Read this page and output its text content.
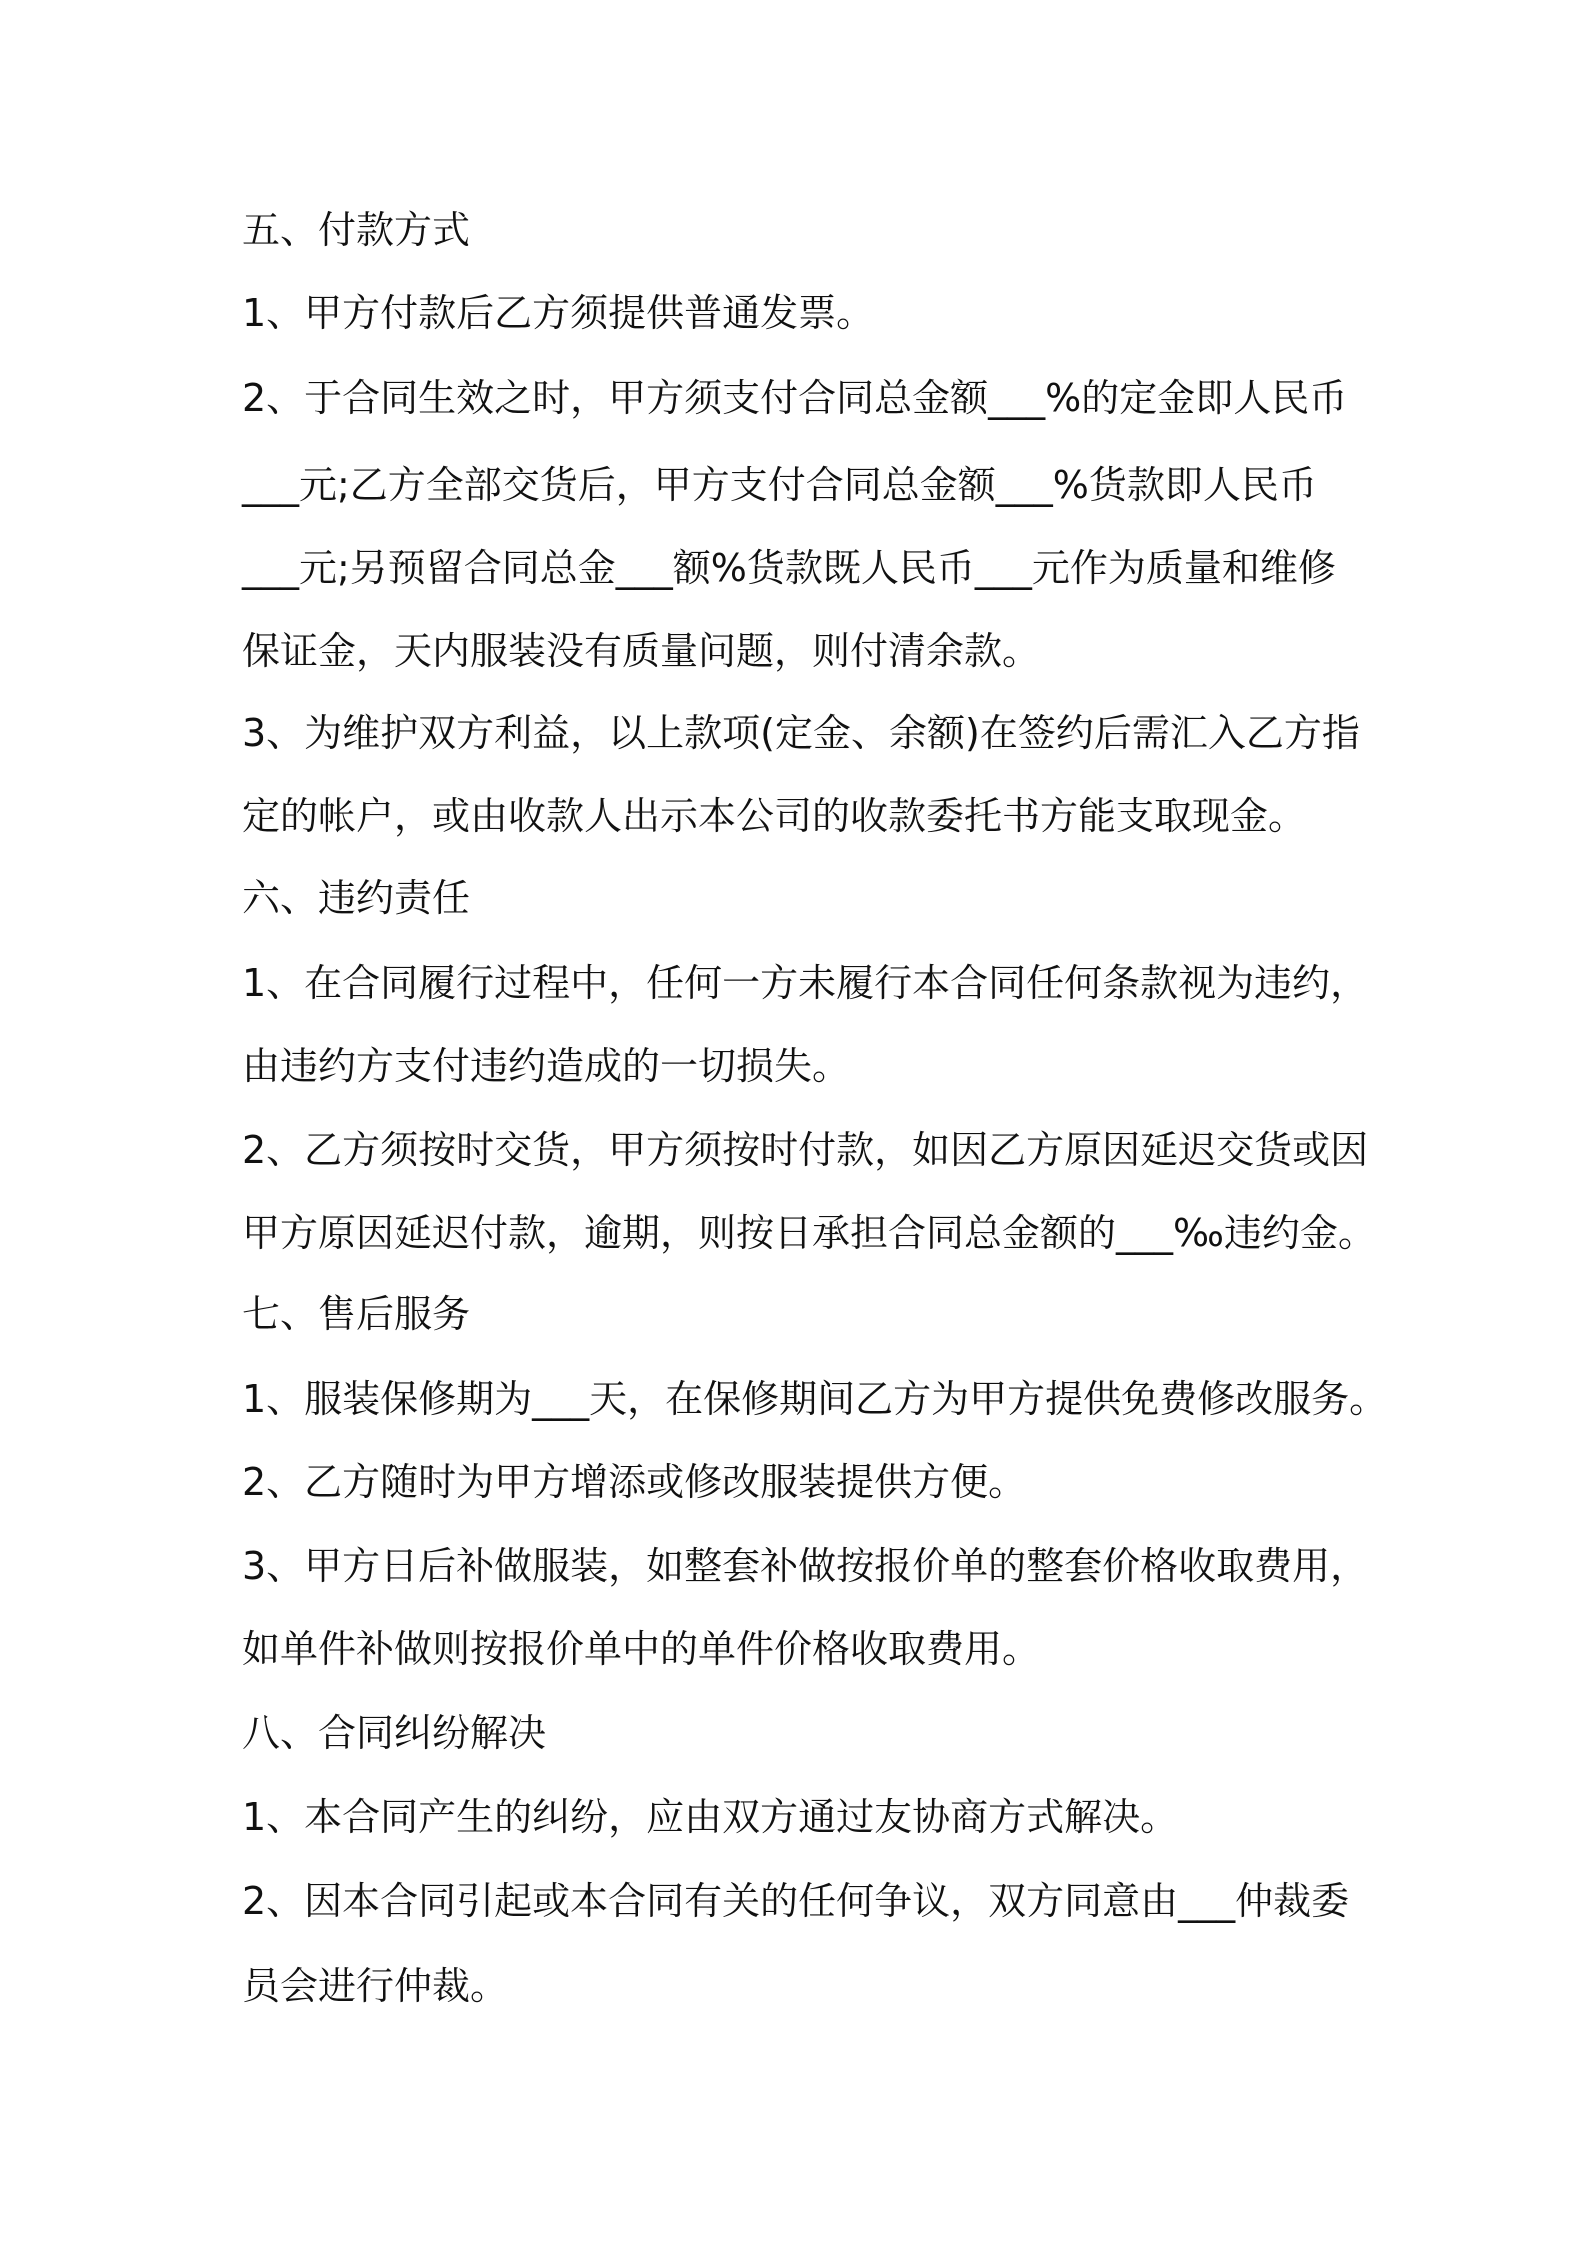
五、付款方式
1、甲方付款后乙方须提供普通发票。
2、于合同生效之时，甲方须支付合同总金额___%的定金即人民币
___元;乙方全部交货后，甲方支付合同总金额___%货款即人民币
___元;另预留合同总金___额%货款既人民币___元作为质量和维修
保证金，天内服装没有质量问题，则付清余款。
3、为维护双方利益，以上款项(定金、余额)在签约后需汇入乙方指
定的帐户，或由收款人出示本公司的收款委托书方能支取现金。
六、违约责任
1、在合同履行过程中，任何一方未履行本合同任何条款视为违约，
由违约方支付违约造成的一切损失。
2、乙方须按时交货，甲方须按时付款，如因乙方原因延迟交货或因
甲方原因延迟付款，逾期，则按日承担合同总金额的___‰违约金。
七、售后服务
1、服装保修期为___天，在保修期间乙方为甲方提供免费修改服务。
2、乙方随时为甲方增添或修改服装提供方便。
3、甲方日后补做服装，如整套补做按报价单的整套价格收取费用，
如单件补做则按报价单中的单件价格收取费用。
八、合同纠纷解决
1、本合同产生的纠纷，应由双方通过友协商方式解决。
2、因本合同引起或本合同有关的任何争议，双方同意由___仲裁委
员会进行仲裁。
